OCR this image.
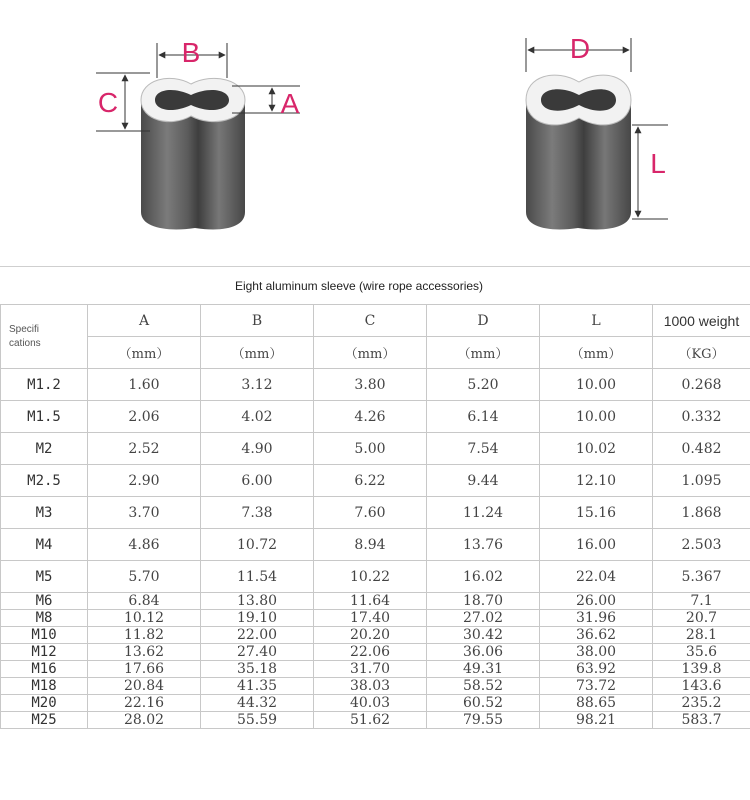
B
C	A
D
L
Eight aluminum sleeve (wire rope accessories)
Specifi
cations	A	B	C	D	L	1000 weight
	（mm）	（mm）	（mm）	（mm）	（mm）	（KG）
M1.2	1.60	3.12	3.80	5.20	10.00	0.268
M1.5	2.06	4.02	4.26	6.14	10.00	0.332
M2	2.52	4.90	5.00	7.54	10.02	0.482
M2.5	2.90	6.00	6.22	9.44	12.10	1.095
M3	3.70	7.38	7.60	11.24	15.16	1.868
M4	4.86	10.72	8.94	13.76	16.00	2.503
M5	5.70	11.54	10.22	16.02	22.04	5.367
M6	6.84	13.80	11.64	18.70	26.00	7.1
M8	10.12	19.10	17.40	27.02	31.96	20.7
M10	11.82	22.00	20.20	30.42	36.62	28.1
M12	13.62	27.40	22.06	36.06	38.00	35.6
M16	17.66	35.18	31.70	49.31	63.92	139.8
M18	20.84	41.35	38.03	58.52	73.72	143.6
M20	22.16	44.32	40.03	60.52	88.65	235.2
M25	28.02	55.59	51.62	79.55	98.21	583.7
